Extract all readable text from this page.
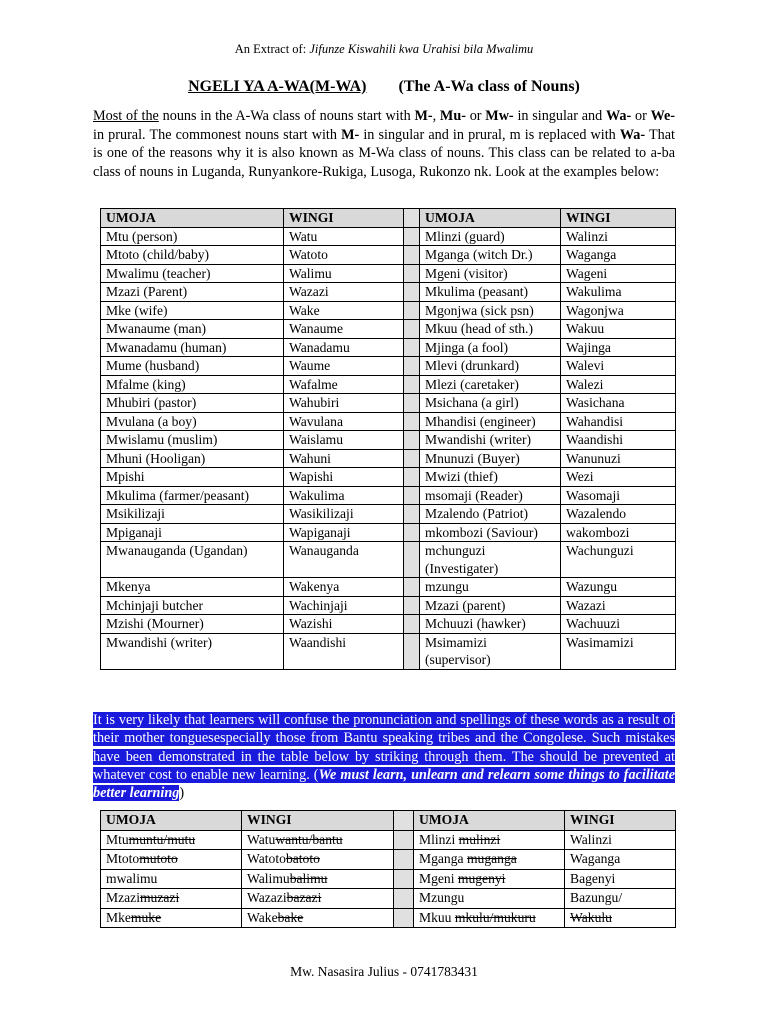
An Extract of: Jifunze Kiswahili kwa Urahisi bila Mwalimu
NGELI YA A-WA(M-WA) (The A-Wa class of Nouns)
Most of the nouns in the A-Wa class of nouns start with M-, Mu- or Mw- in singular and Wa- or We- in prural. The commonest nouns start with M- in singular and in prural, m is replaced with Wa- That is one of the reasons why it is also known as M-Wa class of nouns. This class can be related to a-ba class of nouns in Luganda, Runyankore-Rukiga, Lusoga, Rukonzo nk. Look at the examples below:
UMOJA	WINGI		UMOJA	WINGI
Mtu (person)	Watu		Mlinzi (guard)	Walinzi
Mtoto (child/baby)	Watoto		Mganga (witch Dr.)	Waganga
Mwalimu (teacher)	Walimu		Mgeni (visitor)	Wageni
Mzazi (Parent)	Wazazi		Mkulima (peasant)	Wakulima
Mke (wife)	Wake		Mgonjwa (sick psn)	Wagonjwa
Mwanaume (man)	Wanaume		Mkuu (head of sth.)	Wakuu
Mwanadamu (human)	Wanadamu		Mjinga (a fool)	Wajinga
Mume (husband)	Waume		Mlevi (drunkard)	Walevi
Mfalme (king)	Wafalme		Mlezi (caretaker)	Walezi
Mhubiri (pastor)	Wahubiri		Msichana (a girl)	Wasichana
Mvulana (a boy)	Wavulana		Mhandisi (engineer)	Wahandisi
Mwislamu (muslim)	Waislamu		Mwandishi (writer)	Waandishi
Mhuni (Hooligan)	Wahuni		Mnunuzi (Buyer)	Wanunuzi
Mpishi	Wapishi		Mwizi (thief)	Wezi
Mkulima (farmer/peasant)	Wakulima		msomaji (Reader)	Wasomaji
Msikilizaji	Wasikilizaji		Mzalendo (Patriot)	Wazalendo
Mpiganaji	Wapiganaji		mkombozi (Saviour)	wakombozi
Mwanauganda (Ugandan)	Wanauganda		mchunguzi (Investigater)	Wachunguzi
Mkenya	Wakenya		mzungu	Wazungu
Mchinjaji butcher	Wachinjaji		Mzazi (parent)	Wazazi
Mzishi (Mourner)	Wazishi		Mchuuzi (hawker)	Wachuuzi
Mwandishi (writer)	Waandishi		Msimamizi (supervisor)	Wasimamizi
It is very likely that learners will confuse the pronunciation and spellings of these words as a result of their mother tonguesespecially those from Bantu speaking tribes and the Congolese. Such mistakes have been demonstrated in the table below by striking through them. The should be prevented at whatever cost to enable new learning. (We must learn, unlearn and relearn some things to facilitate better learning)
UMOJA	WINGI		UMOJA	WINGI
Mtumuntu/mutu	Watuwantu/bantu		Mlinzi mulinzi	Walinzi
Mtotomutoto	Watotobatoto		Mganga muganga	Waganga
mwalimu	Walimubalimu		Mgeni mugenyi	Bagenyi
Mzazimuzazi	Wazazibazazi		Mzungu	Bazungu/
Mkemuke	Wakebake		Mkuu mkulu/mukuru	Wakulu
Mw. Nasasira Julius - 0741783431
